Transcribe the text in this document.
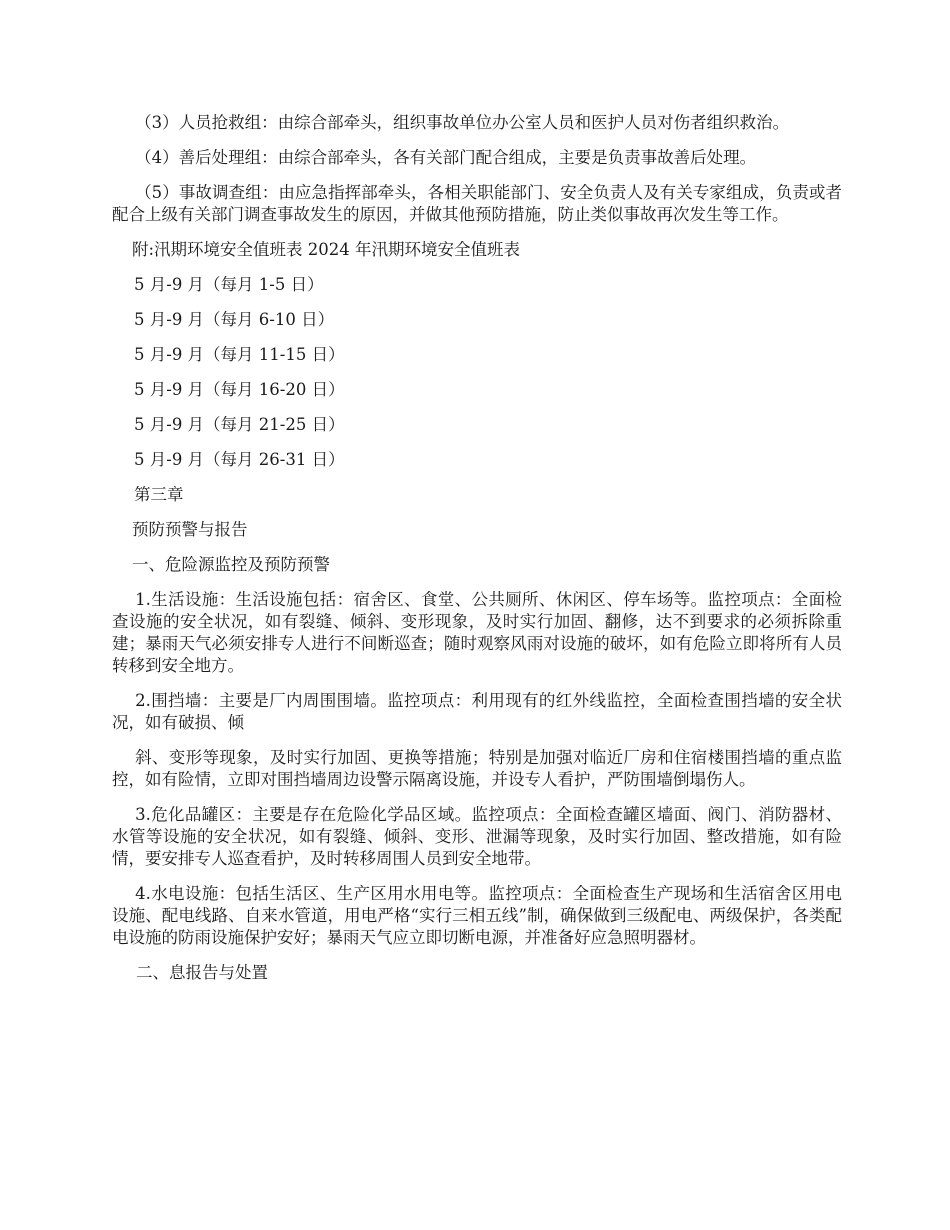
（3）人员抢救组：由综合部牵头，组织事故单位办公室人员和医护人员对伤者组织救治。

（4）善后处理组：由综合部牵头，各有关部门配合组成，主要是负责事故善后处理。

（5）事故调查组：由应急指挥部牵头，各相关职能部门、安全负责人及有关专家组成，负责或者配合上级有关部门调查事故发生的原因，并做其他预防措施，防止类似事故再次发生等工作。

附:汛期环境安全值班表 2024 年汛期环境安全值班表

5 月-9 月（每月 1-5 日）

5 月-9 月（每月 6-10 日）

5 月-9 月（每月 11-15 日）

5 月-9 月（每月 16-20 日）

5 月-9 月（每月 21-25 日）

5 月-9 月（每月 26-31 日）

第三章

预防预警与报告

一、危险源监控及预防预警

1.生活设施：生活设施包括：宿舍区、食堂、公共厕所、休闲区、停车场等。监控项点：全面检查设施的安全状况，如有裂缝、倾斜、变形现象，及时实行加固、翻修，达不到要求的必须拆除重建；暴雨天气必须安排专人进行不间断巡查；随时观察风雨对设施的破坏，如有危险立即将所有人员转移到安全地方。

2.围挡墙：主要是厂内周围围墙。监控项点：利用现有的红外线监控，全面检查围挡墙的安全状况，如有破损、倾

斜、变形等现象，及时实行加固、更换等措施；特别是加强对临近厂房和住宿楼围挡墙的重点监控，如有险情，立即对围挡墙周边设警示隔离设施，并设专人看护，严防围墙倒塌伤人。

3.危化品罐区：主要是存在危险化学品区域。监控项点：全面检查罐区墙面、阀门、消防器材、水管等设施的安全状况，如有裂缝、倾斜、变形、泄漏等现象，及时实行加固、整改措施，如有险情，要安排专人巡查看护，及时转移周围人员到安全地带。

4.水电设施：包括生活区、生产区用水用电等。监控项点：全面检查生产现场和生活宿舍区用电设施、配电线路、自来水管道，用电严格“实行三相五线”制，确保做到三级配电、两级保护，各类配电设施的防雨设施保护安好；暴雨天气应立即切断电源，并准备好应急照明器材。

二、息报告与处置
